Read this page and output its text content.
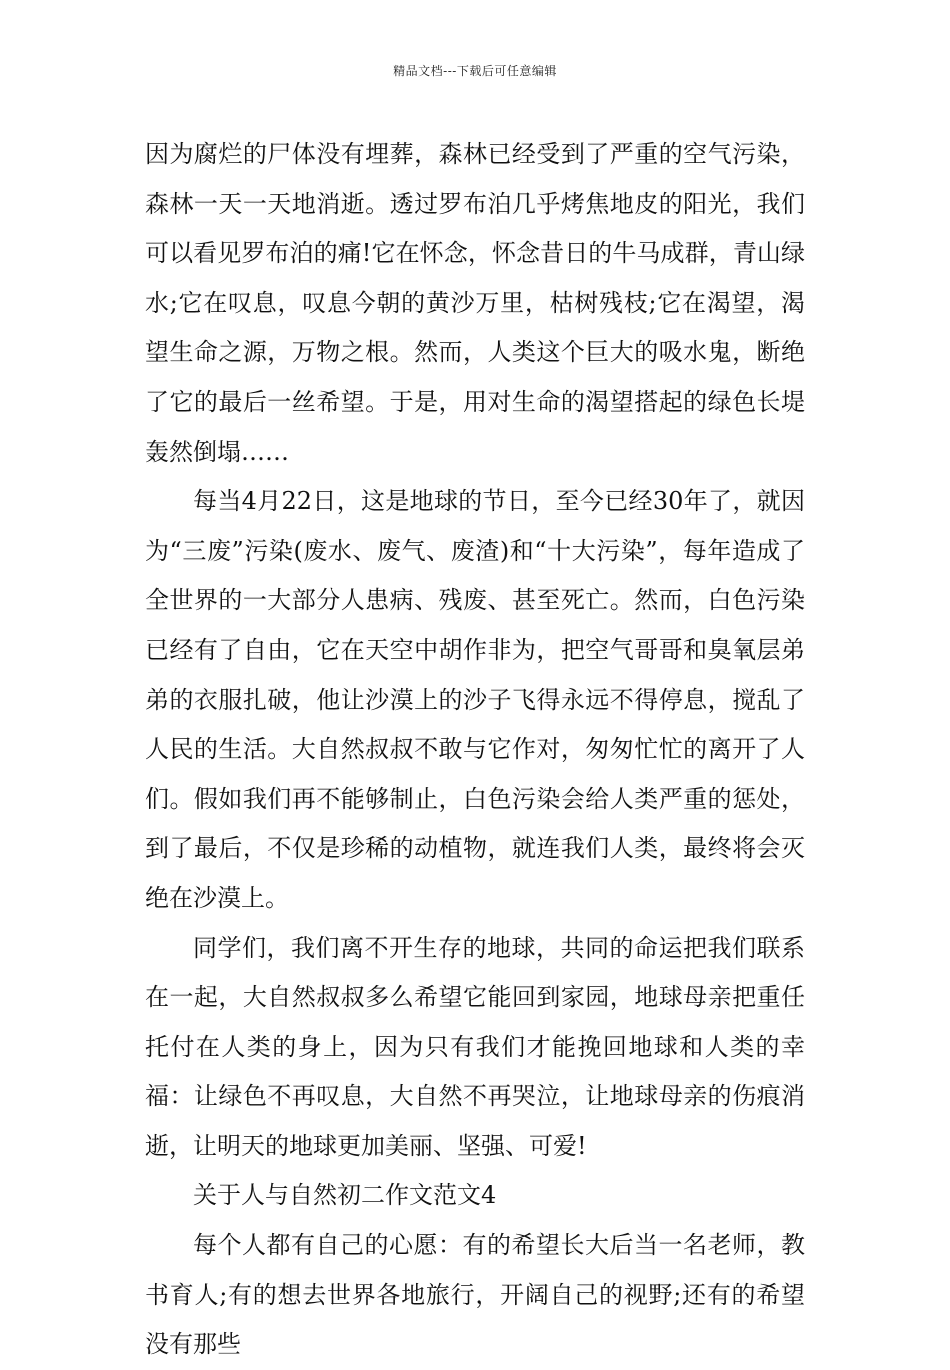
精品文档---下载后可任意编辑

因为腐烂的尸体没有埋葬，森林已经受到了严重的空气污染，森林一天一天地消逝。透过罗布泊几乎烤焦地皮的阳光，我们可以看见罗布泊的痛!它在怀念，怀念昔日的牛马成群，青山绿水;它在叹息，叹息今朝的黄沙万里，枯树残枝;它在渴望，渴望生命之源，万物之根。然而，人类这个巨大的吸水鬼，断绝了它的最后一丝希望。于是，用对生命的渴望搭起的绿色长堤轰然倒塌……

每当4月22日，这是地球的节日，至今已经30年了，就因为“三废”污染(废水、废气、废渣)和“十大污染”，每年造成了全世界的一大部分人患病、残废、甚至死亡。然而，白色污染已经有了自由，它在天空中胡作非为，把空气哥哥和臭氧层弟弟的衣服扎破，他让沙漠上的沙子飞得永远不得停息，搅乱了人民的生活。大自然叔叔不敢与它作对，匆匆忙忙的离开了人们。假如我们再不能够制止，白色污染会给人类严重的惩处，到了最后，不仅是珍稀的动植物，就连我们人类，最终将会灭绝在沙漠上。

同学们，我们离不开生存的地球，共同的命运把我们联系在一起，大自然叔叔多么希望它能回到家园，地球母亲把重任托付在人类的身上，因为只有我们才能挽回地球和人类的幸福：让绿色不再叹息，大自然不再哭泣，让地球母亲的伤痕消逝，让明天的地球更加美丽、坚强、可爱!

关于人与自然初二作文范文4

每个人都有自己的心愿：有的希望长大后当一名老师，教书育人;有的想去世界各地旅行，开阔自己的视野;还有的希望没有那些
